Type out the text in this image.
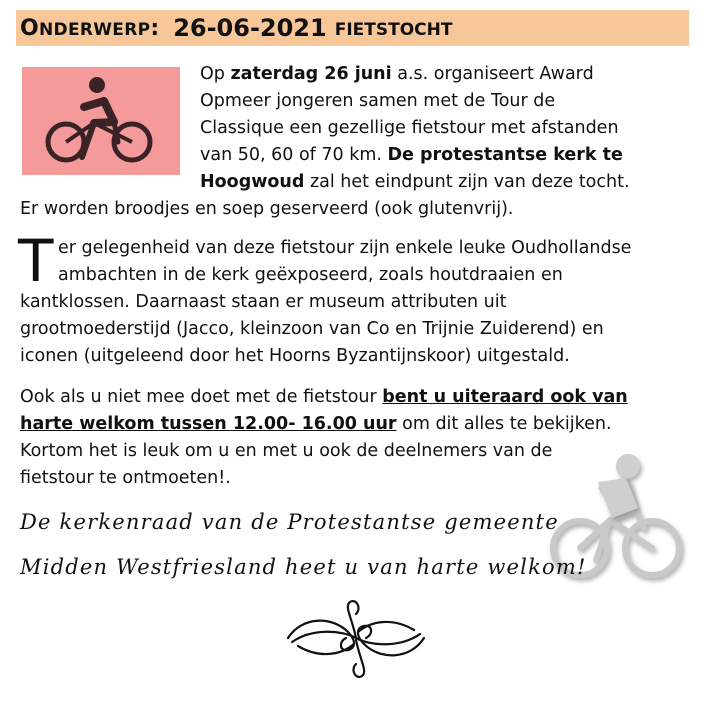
ONDERWERP : 26-06-2021 FIETSTOCHT
Op zaterdag 26 juni a.s. organiseert Award
Opmeer jongeren samen met de Tour de
Classique een gezellige fietstour met afstanden
van 50, 60 of 70 km. De protestantse kerk te
Hoogwoud zal het eindpunt zijn van deze tocht.
Er worden broodjes en soep geserveerd (ook glutenvrij).
T er gelegenheid van deze fietstour zijn enkele leuke Oudhollandse
ambachten in de kerk geëxposeerd, zoals houtdraaien en
kantklossen. Daarnaast staan er museum attributen uit
grootmoederstijd (Jacco, kleinzoon van Co en Trijnie Zuiderend) en
iconen (uitgeleend door het Hoorns Byzantijnskoor) uitgestald.
Ook als u niet mee doet met de fietstour bent u uiteraard ook van
harte welkom tussen 12.00- 16.00 uur om dit alles te bekijken.
Kortom het is leuk om u en met u ook de deelnemers van de
fietstour te ontmoeten!.
De kerkenraad van de Protestantse gemeente
Midden Westfriesland heet u van harte welkom!
